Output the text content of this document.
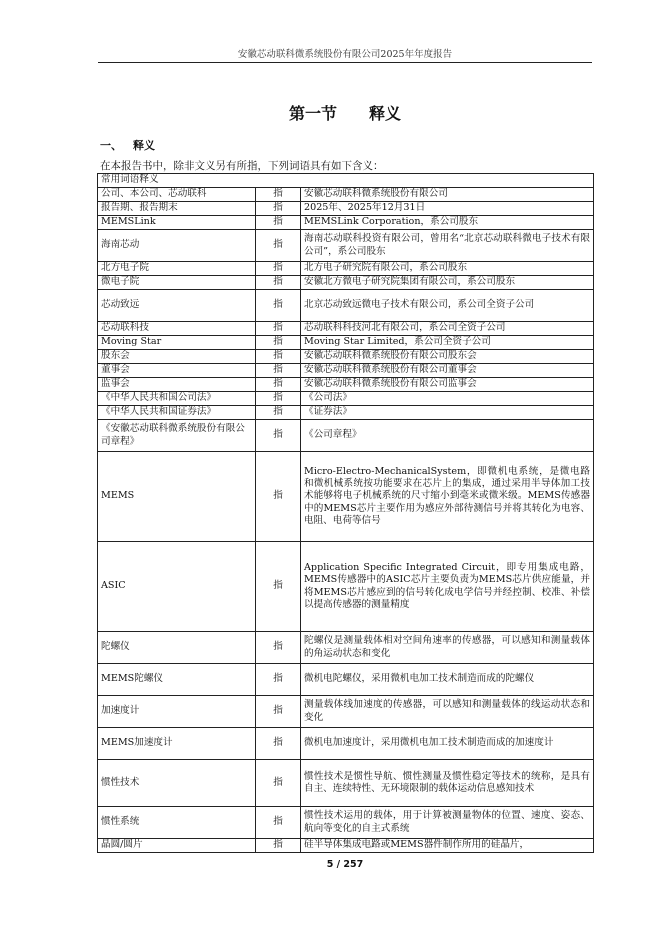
安徽芯动联科微系统股份有限公司2025年年度报告
第一节　　释义
一、 释义
在本报告书中，除非文义另有所指，下列词语具有如下含义：
常用词语释义		
公司、本公司、芯动联科	指	安徽芯动联科微系统股份有限公司
报告期、报告期末	指	2025年、2025年12月31日
MEMSLink	指	MEMSLink Corporation，系公司股东
海南芯动	指	海南芯动联科投资有限公司，曾用名“北京芯动联科微电子技术有限公司”，系公司股东
北方电子院	指	北方电子研究院有限公司，系公司股东
微电子院	指	安徽北方微电子研究院集团有限公司，系公司股东
芯动致远	指	北京芯动致远微电子技术有限公司，系公司全资子公司
芯动联科技	指	芯动联科科技河北有限公司，系公司全资子公司
Moving Star	指	Moving Star Limited，系公司全资子公司
股东会	指	安徽芯动联科微系统股份有限公司股东会
董事会	指	安徽芯动联科微系统股份有限公司董事会
监事会	指	安徽芯动联科微系统股份有限公司监事会
《中华人民共和国公司法》	指	《公司法》
《中华人民共和国证券法》	指	《证券法》
《安徽芯动联科微系统股份有限公司章程》	指	《公司章程》
MEMS	指	Micro-Electro-MechanicalSystem，即微机电系统，是微电路和微机械系统按功能要求在芯片上的集成，通过采用半导体加工技术能够将电子机械系统的尺寸缩小到毫米或微米级。MEMS传感器中的MEMS芯片主要作用为感应外部待测信号并将其转化为电容、电阻、电荷等信号
ASIC	指	Application Specific Integrated Circuit，即专用集成电路，MEMS传感器中的ASIC芯片主要负责为MEMS芯片供应能量，并将MEMS芯片感应到的信号转化成电学信号并经控制、校准、补偿以提高传感器的测量精度
陀螺仪	指	陀螺仪是测量载体相对空间角速率的传感器，可以感知和测量载体的角运动状态和变化
MEMS陀螺仪	指	微机电陀螺仪，采用微机电加工技术制造而成的陀螺仪
加速度计	指	测量载体线加速度的传感器，可以感知和测量载体的线运动状态和变化
MEMS加速度计	指	微机电加速度计，采用微机电加工技术制造而成的加速度计
惯性技术	指	惯性技术是惯性导航、惯性测量及惯性稳定等技术的统称，是具有自主、连续特性、无环境限制的载体运动信息感知技术
惯性系统	指	惯性技术运用的载体，用于计算被测量物体的位置、速度、姿态、航向等变化的自主式系统
晶圆/圆片	指	硅半导体集成电路或MEMS器件制作所用的硅晶片，
5 / 257
